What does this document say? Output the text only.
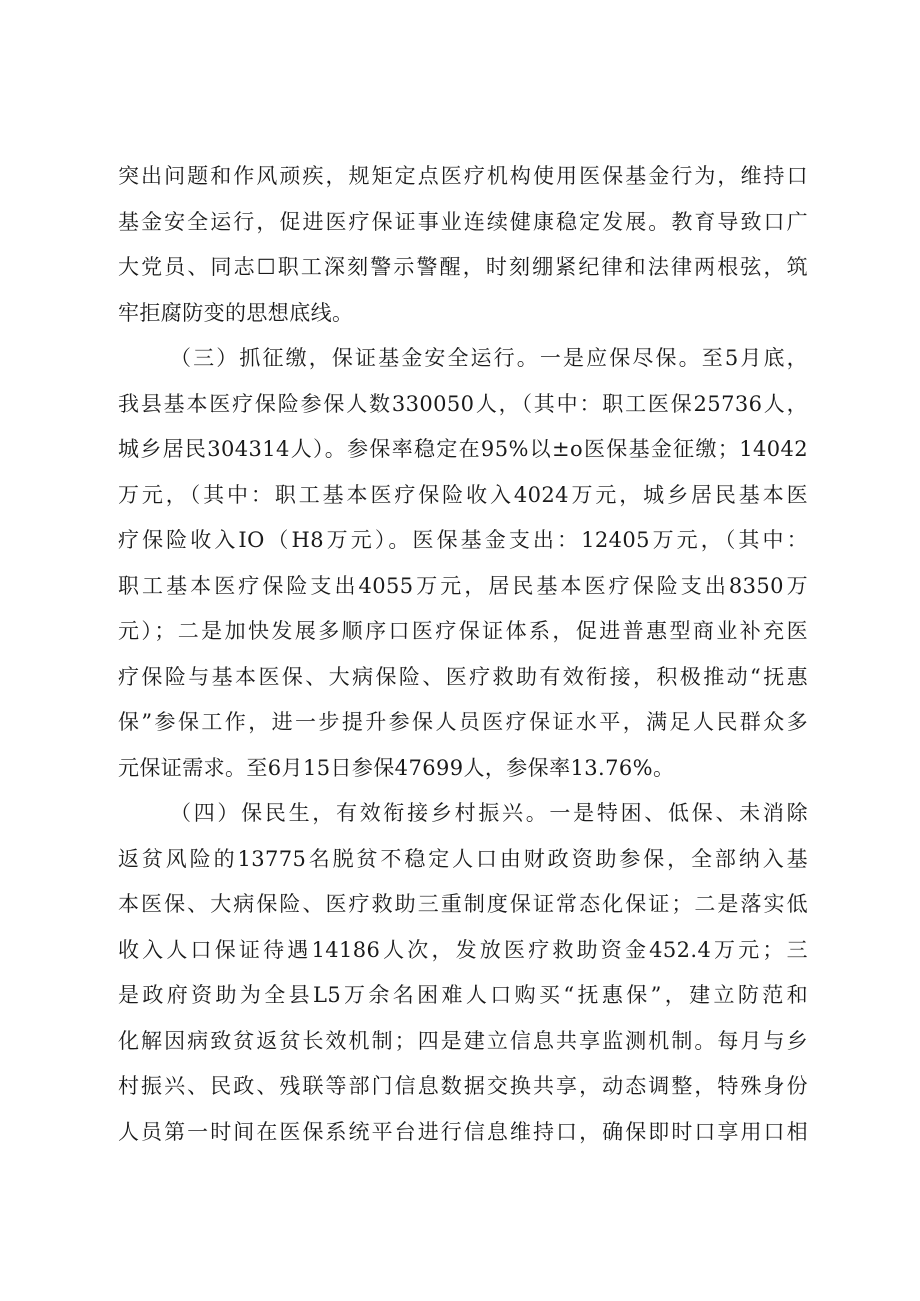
突出问题和作风顽疾，规矩定点医疗机构使用医保基金行为，维持口
基金安全运行，促进医疗保证事业连续健康稳定发展。教育导致口广
大党员、同志☐职工深刻警示警醒，时刻绷紧纪律和法律两根弦，筑
牢拒腐防变的思想底线。
（三）抓征缴，保证基金安全运行。一是应保尽保。至5月底，
我县基本医疗保险参保人数330050人，（其中：职工医保25736人，
城乡居民304314人）。参保率稳定在95%以±o医保基金征缴；14042
万元，（其中：职工基本医疗保险收入4024万元，城乡居民基本医
疗保险收入IO（H8万元）。医保基金支出：12405万元，（其中：
职工基本医疗保险支出4055万元，居民基本医疗保险支出8350万
元）；二是加快发展多顺序口医疗保证体系，促进普惠型商业补充医
疗保险与基本医保、大病保险、医疗救助有效衔接，积极推动“抚惠
保”参保工作，进一步提升参保人员医疗保证水平，满足人民群众多
元保证需求。至6月15日参保47699人，参保率13.76%。
（四）保民生，有效衔接乡村振兴。一是特困、低保、未消除
返贫风险的13775名脱贫不稳定人口由财政资助参保，全部纳入基
本医保、大病保险、医疗救助三重制度保证常态化保证；二是落实低
收入人口保证待遇14186人次，发放医疗救助资金452.4万元；三
是政府资助为全县L5万余名困难人口购买“抚惠保”，建立防范和
化解因病致贫返贫长效机制；四是建立信息共享监测机制。每月与乡
村振兴、民政、残联等部门信息数据交换共享，动态调整，特殊身份
人员第一时间在医保系统平台进行信息维持口，确保即时口享用口相
